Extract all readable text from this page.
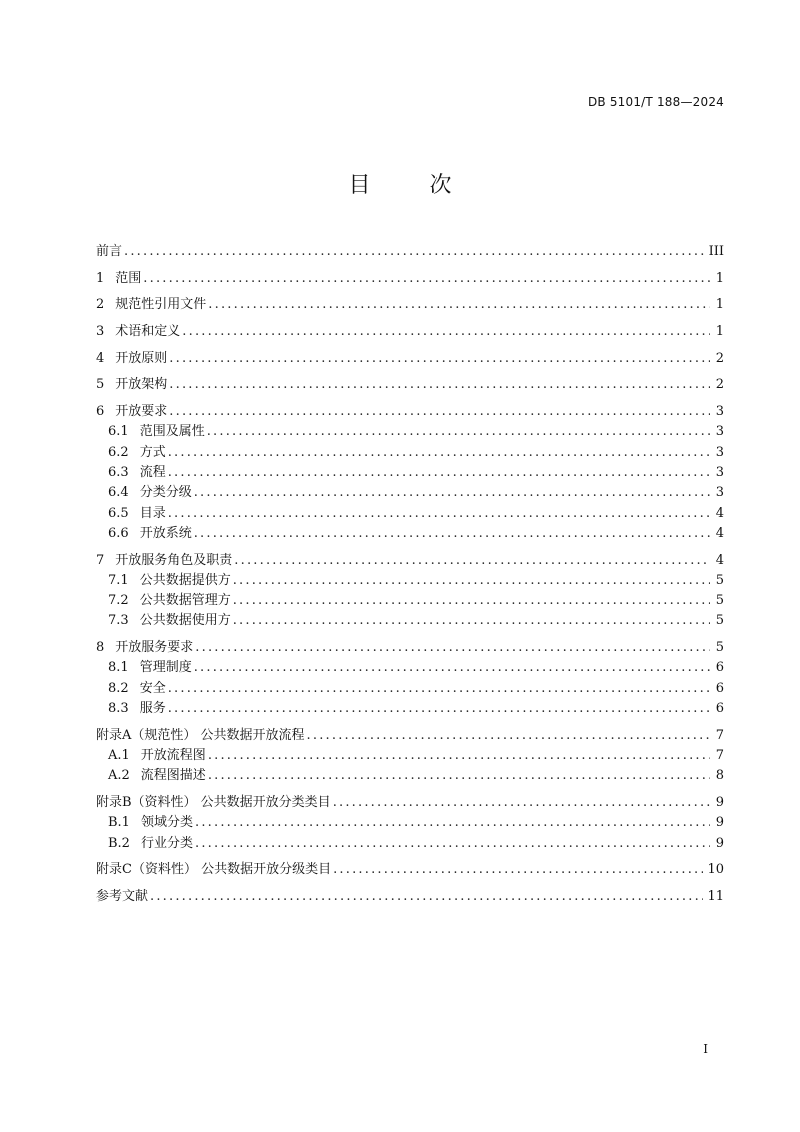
DB 5101/T 188—2024
目 次
前言 .....	III
1 范围 .....	1
2 规范性引用文件 .....	1
3 术语和定义 .....	1
4 开放原则 .....	2
5 开放架构 .....	2
6 开放要求 .....	3
6.1 范围及属性 .....	3
6.2 方式 .....	3
6.3 流程 .....	3
6.4 分类分级 .....	3
6.5 目录 .....	4
6.6 开放系统 .....	4
7 开放服务角色及职责 .....	4
7.1 公共数据提供方 .....	5
7.2 公共数据管理方 .....	5
7.3 公共数据使用方 .....	5
8 开放服务要求 .....	5
8.1 管理制度 .....	6
8.2 安全 .....	6
8.3 服务 .....	6
附录A（规范性） 公共数据开放流程 .....	7
A.1 开放流程图 .....	7
A.2 流程图描述 .....	8
附录B（资料性） 公共数据开放分类类目 .....	9
B.1 领域分类 .....	9
B.2 行业分类 .....	9
附录C（资料性） 公共数据开放分级类目 .....	10
参考文献 .....	11
I
